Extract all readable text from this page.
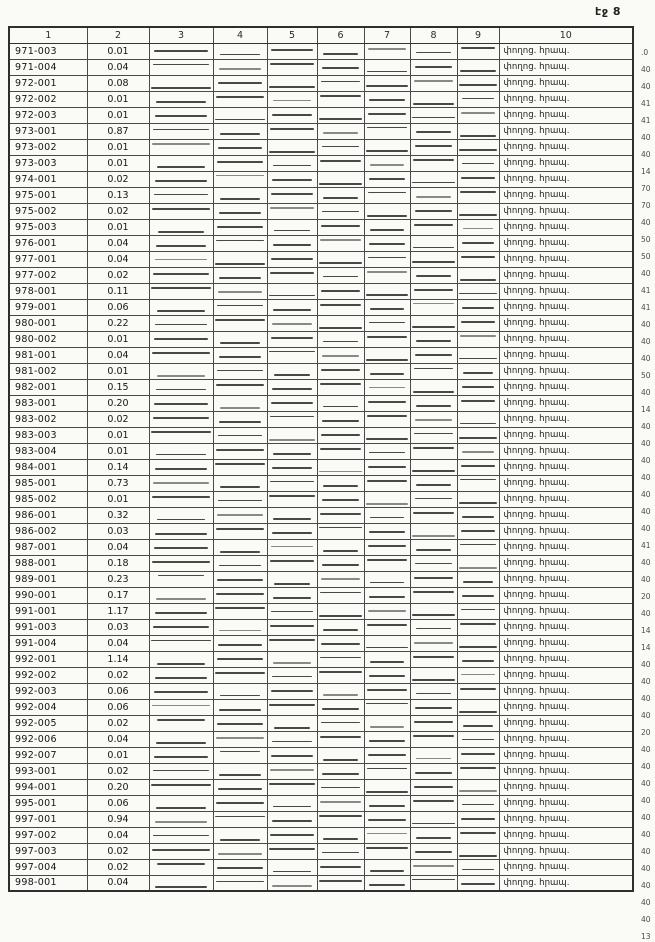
էջ 8
1	2	3	4	5	6	7	8	9	10
971-003	0.01								փողոց. հրապ.
971-004	0.04								փողոց. հրապ.
972-001	0.08								փողոց. հրապ.
972-002	0.01								փողոց. հրապ.
972-003	0.01								փողոց. հրապ.
973-001	0.87								փողոց. հրապ.
973-002	0.01								փողոց. հրապ.
973-003	0.01								փողոց. հրապ.
974-001	0.02								փողոց. հրապ.
975-001	0.13								փողոց. հրապ.
975-002	0.02								փողոց. հրապ.
975-003	0.01								փողոց. հրապ.
976-001	0.04								փողոց. հրապ.
977-001	0.04								փողոց. հրապ.
977-002	0.02								փողոց. հրապ.
978-001	0.11								փողոց. հրապ.
979-001	0.06								փողոց. հրապ.
980-001	0.22								փողոց. հրապ.
980-002	0.01								փողոց. հրապ.
981-001	0.04								փողոց. հրապ.
981-002	0.01								փողոց. հրապ.
982-001	0.15								փողոց. հրապ.
983-001	0.20								փողոց. հրապ.
983-002	0.02								փողոց. հրապ.
983-003	0.01								փողոց. հրապ.
983-004	0.01								փողոց. հրապ.
984-001	0.14								փողոց. հրապ.
985-001	0.73								փողոց. հրապ.
985-002	0.01								փողոց. հրապ.
986-001	0.32								փողոց. հրապ.
986-002	0.03								փողոց. հրապ.
987-001	0.04								փողոց. հրապ.
988-001	0.18								փողոց. հրապ.
989-001	0.23								փողոց. հրապ.
990-001	0.17								փողոց. հրապ.
991-001	1.17								փողոց. հրապ.
991-003	0.03								փողոց. հրապ.
991-004	0.04								փողոց. հրապ.
992-001	1.14								փողոց. հրապ.
992-002	0.02								փողոց. հրապ.
992-003	0.06								փողոց. հրապ.
992-004	0.06								փողոց. հրապ.
992-005	0.02								փողոց. հրապ.
992-006	0.04								փողոց. հրապ.
992-007	0.01								փողոց. հրապ.
993-001	0.02								փողոց. հրապ.
994-001	0.20								փողոց. հրապ.
995-001	0.06								փողոց. հրապ.
997-001	0.94								փողոց. հրապ.
997-002	0.04								փողոց. հրապ.
997-003	0.02								փողոց. հրապ.
997-004	0.02								փողոց. հրապ.
998-001	0.04								փողոց. հրապ.
.0
40
40
41
41
40
40
14
70
70
40
50
50
40
41
41
40
40
40
50
40
14
40
40
40
40
40
40
40
41
40
40
20
40
14
14
40
40
40
40
20
40
40
40
40
40
40
40
40
40
40
40
13
